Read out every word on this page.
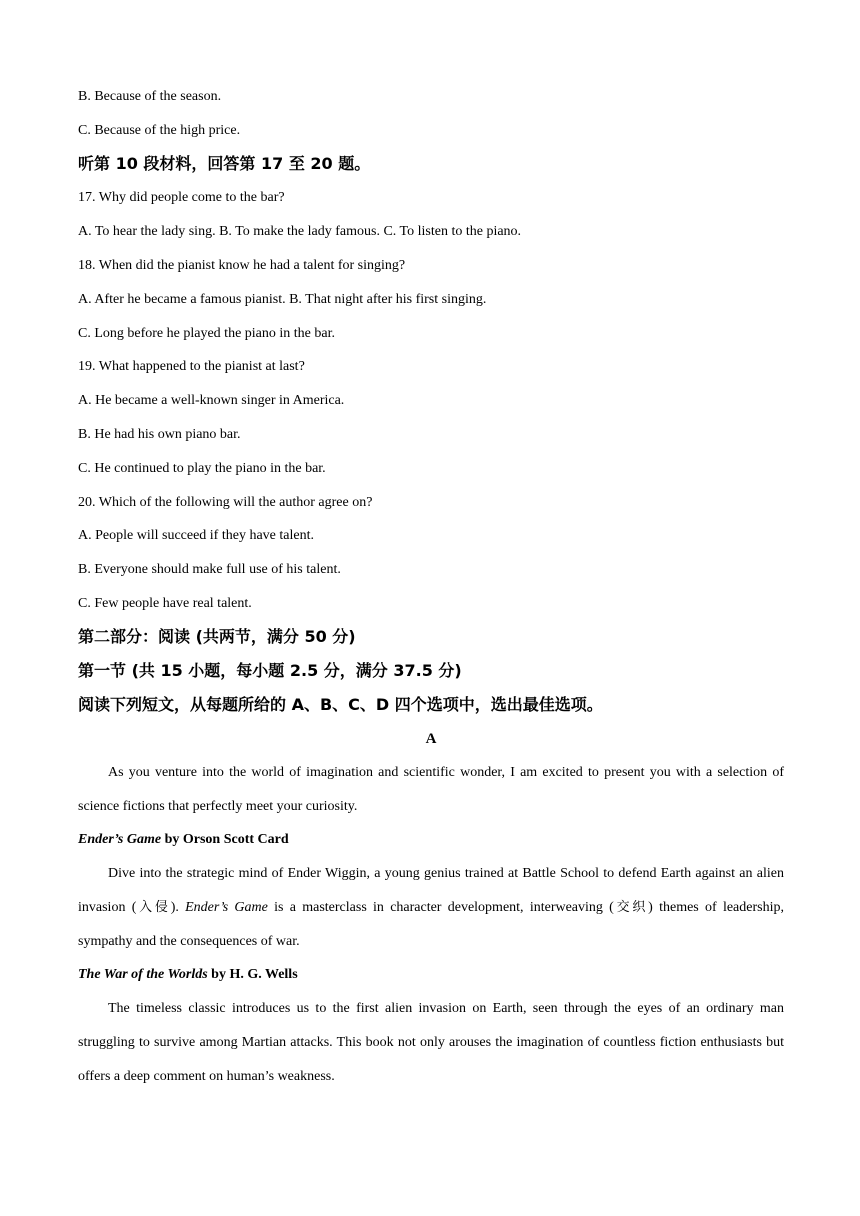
B. Because of the season.
C. Because of the high price.
听第 10 段材料，回答第 17 至 20 题。
17. Why did people come to the bar?
A. To hear the lady sing. B. To make the lady famous. C. To listen to the piano.
18. When did the pianist know he had a talent for singing?
A. After he became a famous pianist. B. That night after his first singing.
C. Long before he played the piano in the bar.
19. What happened to the pianist at last?
A. He became a well-known singer in America.
B. He had his own piano bar.
C. He continued to play the piano in the bar.
20. Which of the following will the author agree on?
A. People will succeed if they have talent.
B. Everyone should make full use of his talent.
C. Few people have real talent.
第二部分：阅读 (共两节，满分 50 分)
第一节 (共 15 小题，每小题 2.5 分，满分 37.5 分)
阅读下列短文，从每题所给的 A、B、C、D 四个选项中，选出最佳选项。
A
As you venture into the world of imagination and scientific wonder, I am excited to present you with a selection of science fictions that perfectly meet your curiosity.
Ender’s Game by Orson Scott Card
Dive into the strategic mind of Ender Wiggin, a young genius trained at Battle School to defend Earth against an alien invasion (入侵). Ender’s Game is a masterclass in character development, interweaving (交织) themes of leadership, sympathy and the consequences of war.
The War of the Worlds by H. G. Wells
The timeless classic introduces us to the first alien invasion on Earth, seen through the eyes of an ordinary man struggling to survive among Martian attacks. This book not only arouses the imagination of countless fiction enthusiasts but offers a deep comment on human’s weakness.
